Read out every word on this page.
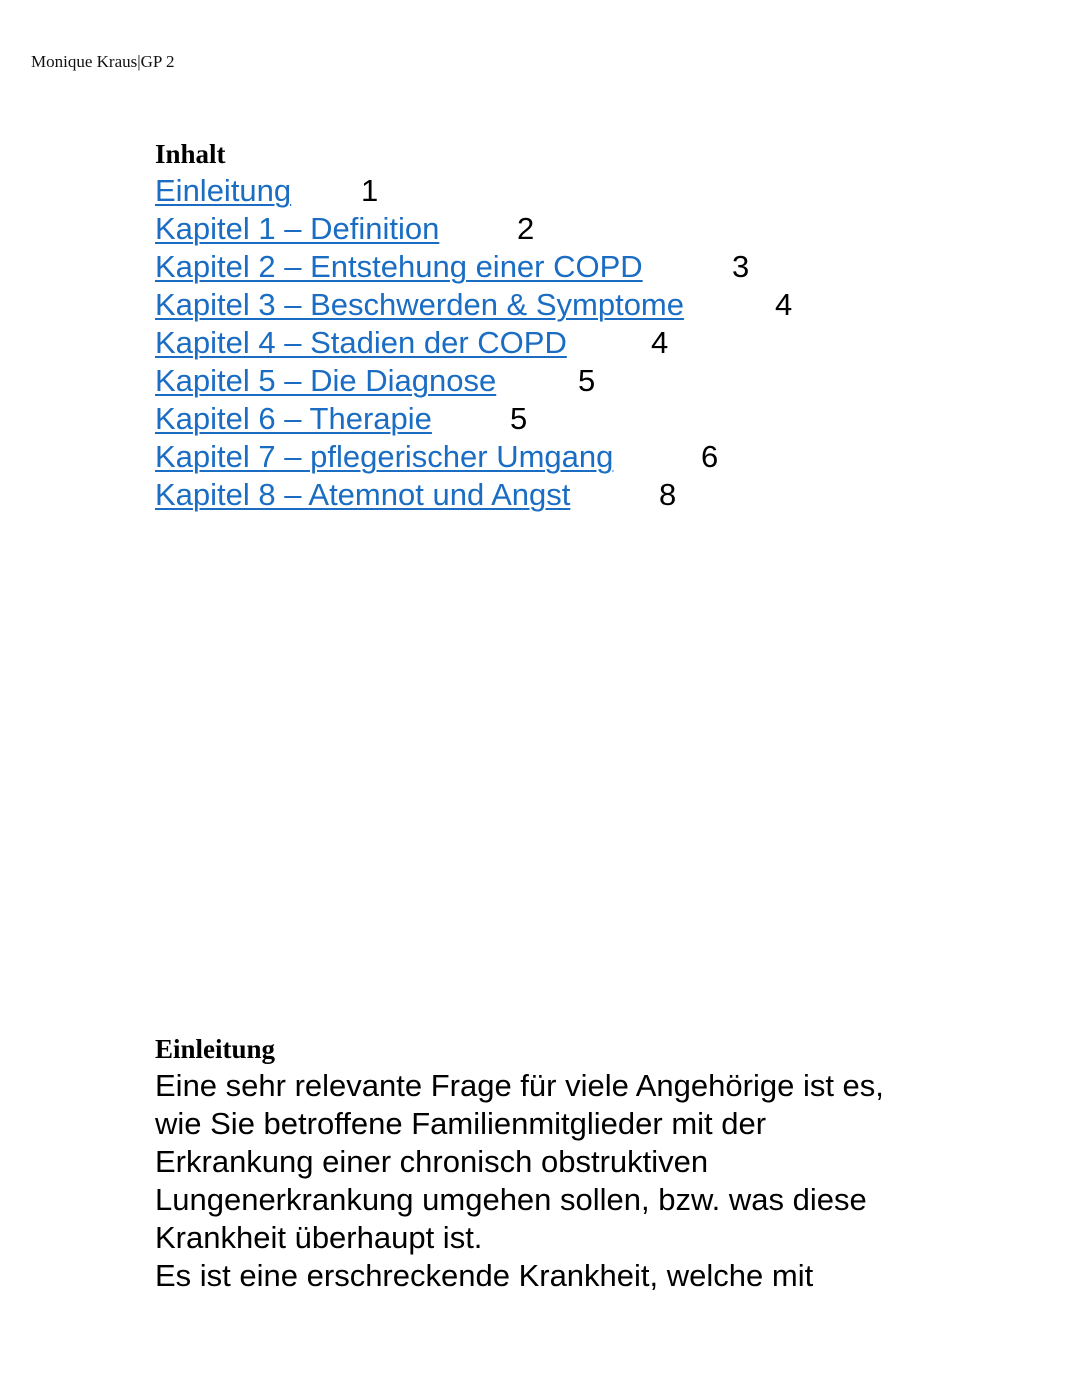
Monique Kraus|GP 2
Inhalt
Einleitung 1
Kapitel 1 – Definition	2
Kapitel 2 – Entstehung einer COPD	3
Kapitel 3 – Beschwerden & Symptome	4
Kapitel 4 – Stadien der COPD	4
Kapitel 5 – Die Diagnose	5
Kapitel 6 – Therapie	5
Kapitel 7 – pflegerischer Umgang	6
Kapitel 8 – Atemnot und Angst	8
Einleitung
Eine sehr relevante Frage für viele Angehörige ist es,
wie Sie betroffene Familienmitglieder mit der
Erkrankung einer chronisch obstruktiven
Lungenerkrankung umgehen sollen, bzw. was diese
Krankheit überhaupt ist.
Es ist eine erschreckende Krankheit, welche mit
